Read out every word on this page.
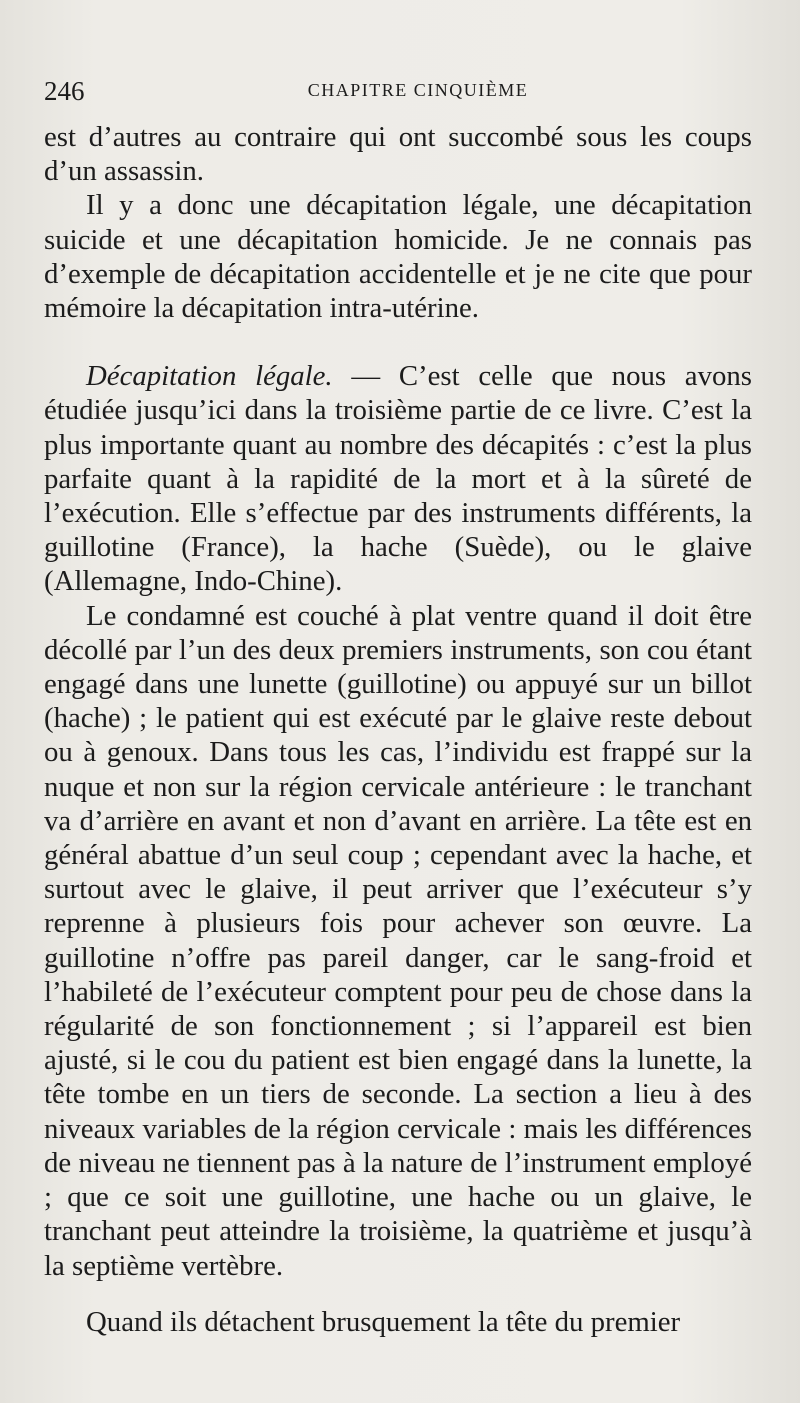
246	CHAPITRE CINQUIÈME

est d’autres au contraire qui ont succombé sous les coups d’un assassin.

Il y a donc une décapitation légale, une décapitation suicide et une décapitation homicide. Je ne connais pas d’exemple de décapitation accidentelle et je ne cite que pour mémoire la décapitation intra-utérine.

Décapitation légale. — C’est celle que nous avons étudiée jusqu’ici dans la troisième partie de ce livre. C’est la plus importante quant au nombre des décapités : c’est la plus parfaite quant à la rapidité de la mort et à la sûreté de l’exécution. Elle s’effectue par des instruments différents, la guillotine (France), la hache (Suède), ou le glaive (Allemagne, Indo-Chine).

Le condamné est couché à plat ventre quand il doit être décollé par l’un des deux premiers instruments, son cou étant engagé dans une lunette (guillotine) ou appuyé sur un billot (hache) ; le patient qui est exécuté par le glaive reste debout ou à genoux. Dans tous les cas, l’individu est frappé sur la nuque et non sur la région cervicale antérieure : le tranchant va d’arrière en avant et non d’avant en arrière. La tête est en général abattue d’un seul coup ; cependant avec la hache, et surtout avec le glaive, il peut arriver que l’exécuteur s’y reprenne à plusieurs fois pour achever son œuvre. La guillotine n’offre pas pareil danger, car le sang-froid et l’habileté de l’exécuteur comptent pour peu de chose dans la régularité de son fonctionnement ; si l’appareil est bien ajusté, si le cou du patient est bien engagé dans la lunette, la tête tombe en un tiers de seconde. La section a lieu à des niveaux variables de la région cervicale : mais les différences de niveau ne tiennent pas à la nature de l’instrument employé ; que ce soit une guillotine, une hache ou un glaive, le tranchant peut atteindre la troisième, la quatrième et jusqu’à la septième vertèbre.

Quand ils détachent brusquement la tête du premier
